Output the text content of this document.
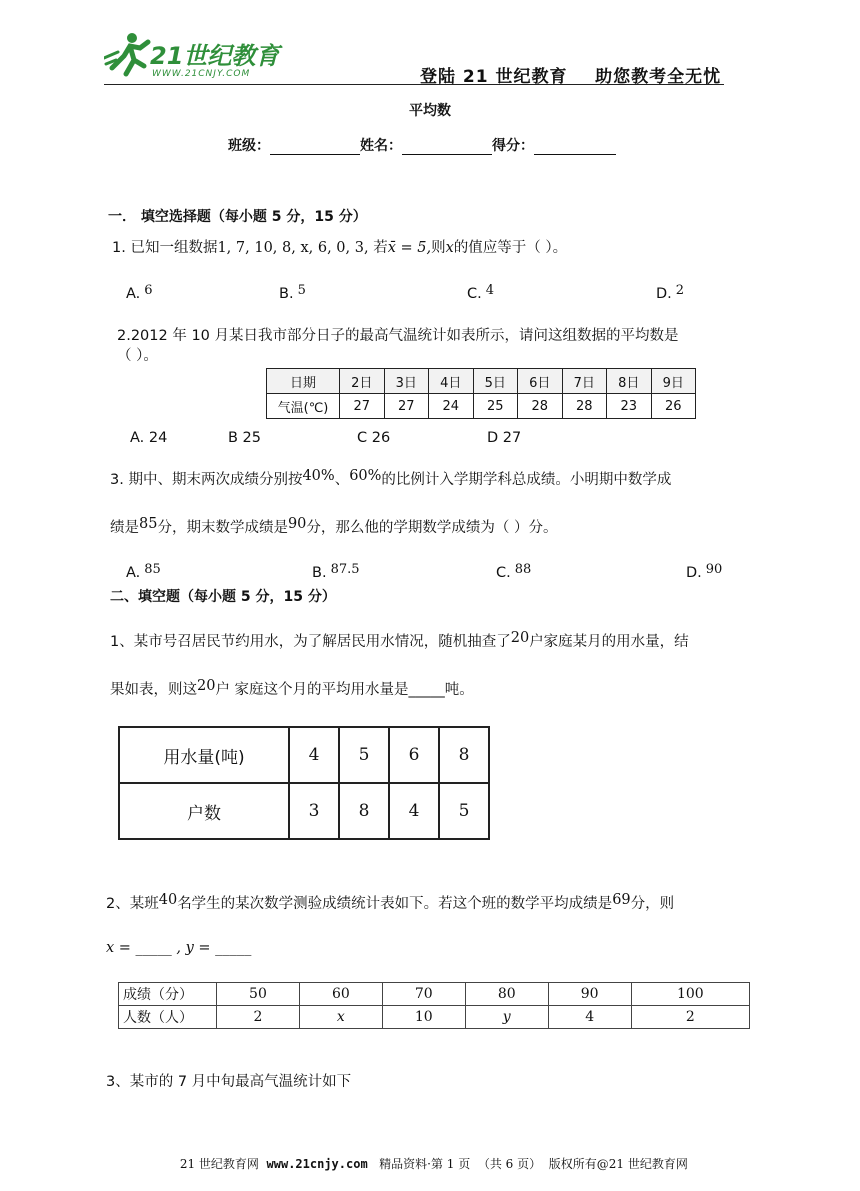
21世纪教育
WWW.21CNJY.COM	登陆 21 世纪教育    助您教考全无忧
平均数
班级：	姓名：	得分：
一． 填空选择题（每小题 5 分，15 分）
1. 已知一组数据1, 7, 10, 8, x, 6, 0, 3, 若x̄ = 5,则x的值应等于（ ）。
A. 6	B. 5	C. 4	D. 2
2.2012 年 10 月某日我市部分日子的最高气温统计如表所示，请问这组数据的平均数是
（ ）。
日期	2日	3日	4日	5日	6日	7日	8日	9日
气温(℃)	27	27	24	25	28	28	23	26
A. 24	B 25	C 26	D 27
3. 期中、期末两次成绩分别按40%、60%的比例计入学期学科总成绩。小明期中数学成
绩是85分，期末数学成绩是90分，那么他的学期数学成绩为（ ）分。
A. 85	B. 87.5	C. 88	D. 90
二、填空题（每小题 5 分，15 分）
1、某市号召居民节约用水，为了解居民用水情况，随机抽查了20户家庭某月的用水量，结
果如表，则这20户 家庭这个月的平均用水量是_____吨。
用水量(吨)	4	5	6	8
户数	3	8	4	5
2、某班40名学生的某次数学测验成绩统计表如下。若这个班的数学平均成绩是69分，则
x = _____ , y = _____
成绩（分）	50	60	70	80	90	100
人数（人）	2	x	10	y	4	2
3、某市的 7 月中旬最高气温统计如下

21 世纪教育网  www.21cnjy.com   精品资料·第 1 页  （共 6 页）  版权所有@21 世纪教育网
